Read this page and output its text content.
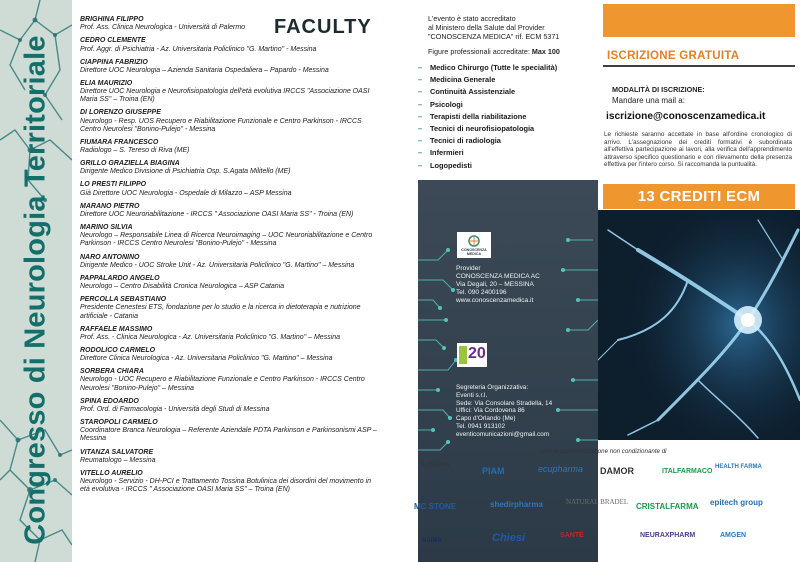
Congresso di Neurologia Territoriale
FACULTY
BRIGHINA FILIPPO
Prof. Ass. Clinica Neurologica - Università di Palermo
CEDRO CLEMENTE
Prof. Aggr. di Psichiatria - Az. Universitaria Policlinico "G. Martino" - Messina
CIAPPINA FABRIZIO
Direttore UOC Neurologia – Azienda Sanitaria Ospedaliera – Papardo - Messina
ELIA MAURIZIO
Direttore UOC Neurologia e Neurofisiopatologia dell'età evolutiva IRCCS "Associazione OASI Maria SS" – Troina (EN)
DI LORENZO GIUSEPPE
Neurologo - Resp. UOS Recupero e Riabilitazione Funzionale e Centro Parkinson - IRCCS Centro Neurolesi "Bonino-Pulejo" - Messina
FIUMARA FRANCESCO
Radiologo – S. Tereso di Riva (ME)
GRILLO GRAZIELLA BIAGINA
Dirigente Medico Divisione di Psichiatria Osp. S.Agata Militello (ME)
LO PRESTI FILIPPO
Già Direttore UOC Neurologia - Ospedale di Milazzo – ASP Messina
MARANO PIETRO
Direttore UOC Neuroriabilitazione - IRCCS " Associazione OASI Maria SS" - Troina (EN)
MARINO SILVIA
Neurologo – Responsabile Linea di Ricerca Neuroimaging – UOC Neuroriabilitazione e Centro Parkinson - IRCCS Centro Neurolesi "Bonino-Pulejo" - Messina
NARO ANTONINO
Dirigente Medico - UOC Stroke Unit - Az. Universitaria Policlinico "G. Martino" – Messina
PAPPALARDO ANGELO
Neurologo – Centro Disabilità Cronica Neurologica – ASP Catania
PERCOLLA SEBASTIANO
Presidente Cenestesi ETS, fondazione per lo studio e la ricerca in dietoterapia e nutrizione artificiale - Catania
RAFFAELE MASSIMO
Prof. Ass. - Clinica Neurologica - Az. Universitaria Policlinico "G. Martino" – Messina
RODOLICO CARMELO
Direttore Clinica Neurologica - Az. Universitaria Policlinico "G. Martino" – Messina
SORBERA CHIARA
Neurologo - UOC Recupero e Riabilitazione Funzionale e Centro Parkinson - IRCCS Centro Neurolesi "Bonino-Pulejo" – Messina
SPINA EDOARDO
Prof. Ord. di Farmacologia - Università degli Studi di Messina
STAROPOLI CARMELO
Coordinatore Branca Neurologia – Referente Aziendale PDTA Parkinson e Parkinsonismi ASP – Messina
VITANZA SALVATORE
Reumatologo – Messina
VITELLO AURELIO
Neurologo - Servizio - DH-PCI e Trattamento Tossina Botulinica dei disordini del movimento in età evolutiva - IRCCS " Associazione OASI Maria SS" – Troina (EN)
L'evento è stato accreditato
al Ministero della Salute dal Provider
"CONOSCENZA MEDICA" rif. ECM 5371
Figure professionali accreditate: Max 100
– Medico Chirurgo (Tutte le specialità)
– Medicina Generale
– Continuità Assistenziale
– Psicologi
– Terapisti della riabilitazione
– Tecnici di neurofisiopatologia
– Tecnici di radiologia
– Infermieri
– Logopedisti
CONOSCENZA MEDICA
Provider
CONOSCENZA MEDICA AC
Via Degali, 20 – MESSINA
Tel. 090 2400196
www.conoscenzamedica.it
20
Segreteria Organizzativa:
Eventi s.r.l.
Sede: Via Consolare Stradella, 14
Uffici: Via Cordovena 86
Capo d'Orlando (Me)
Tel. 0941 913102
eventicomunicazioni@gmail.com
ISCRIZIONE GRATUITA
MODALITÀ DI ISCRIZIONE:
Mandare una mail a:
iscrizione@conoscenzamedica.it
Le richieste saranno accettate in base all'ordine cronologico di arrivo. L'assegnazione dei crediti formativi è subordinata all'effettiva partecipazione ai lavori, alla verifica dell'apprendimento attraverso specifico questionario e con rilevamento della presenza effettiva per l'intero corso. Si raccomanda la puntualità.
13 CREDITI ECM
con la sponsorizzazione non condizionante di
Lundbeck
PIAM	ecupharma DAMOR	ITALFARMACO
HEALTH FARMA
MC STONE	shedirpharma	NATURAL BRADEL CRISTALFARMA epitech group
NAIMA	Chiesi	SANTÈ	NEURAXPHARM	AMGEN
